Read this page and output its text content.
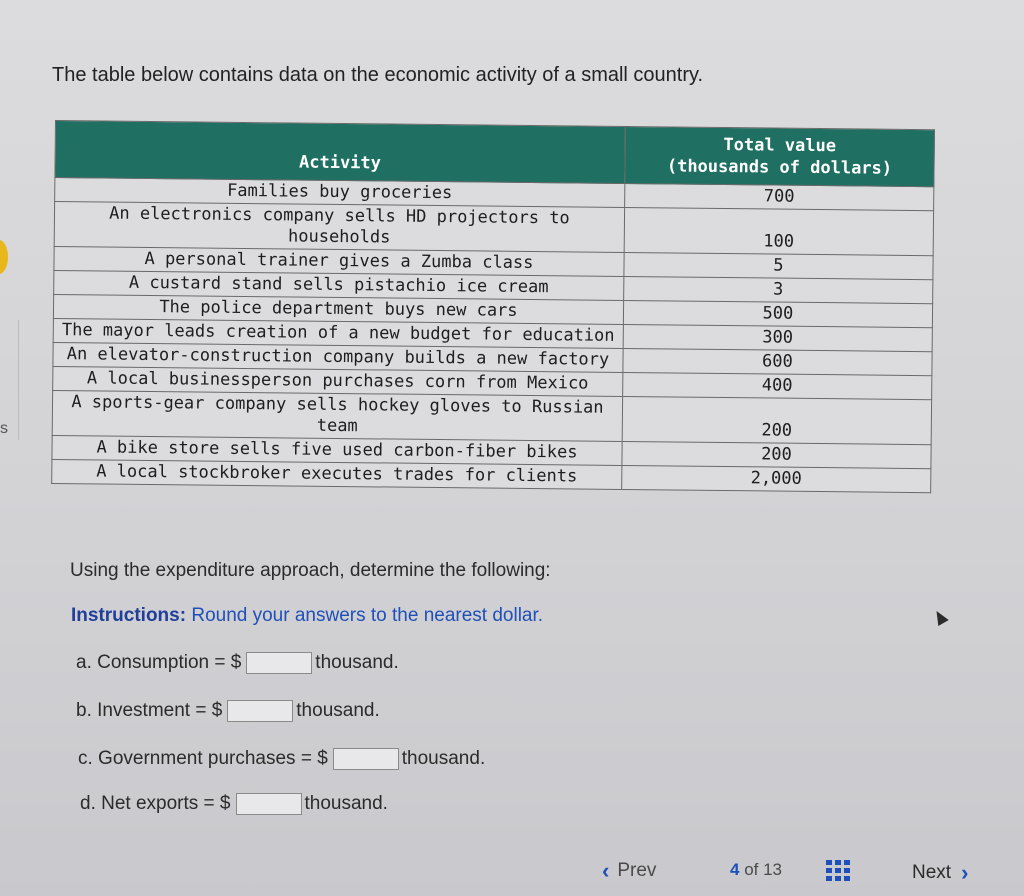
s
The table below contains data on the economic activity of a small country.
Activity	Total value
(thousands of dollars)

Families buy groceries	700
An electronics company sells HD projectors to households	100
A personal trainer gives a Zumba class	5
A custard stand sells pistachio ice cream	3
The police department buys new cars	500
The mayor leads creation of a new budget for education	300
An elevator-construction company builds a new factory	600
A local businessperson purchases corn from Mexico	400
A sports-gear company sells hockey gloves to Russian team	200
A bike store sells five used carbon-fiber bikes	200
A local stockbroker executes trades for clients	2,000
Using the expenditure approach, determine the following:
Instructions: Round your answers to the nearest dollar.
a. Consumption = $	thousand.
b. Investment = $	thousand.
c. Government purchases = $	thousand.
d. Net exports = $	thousand.
‹ Prev	4 of 13	Next ›
